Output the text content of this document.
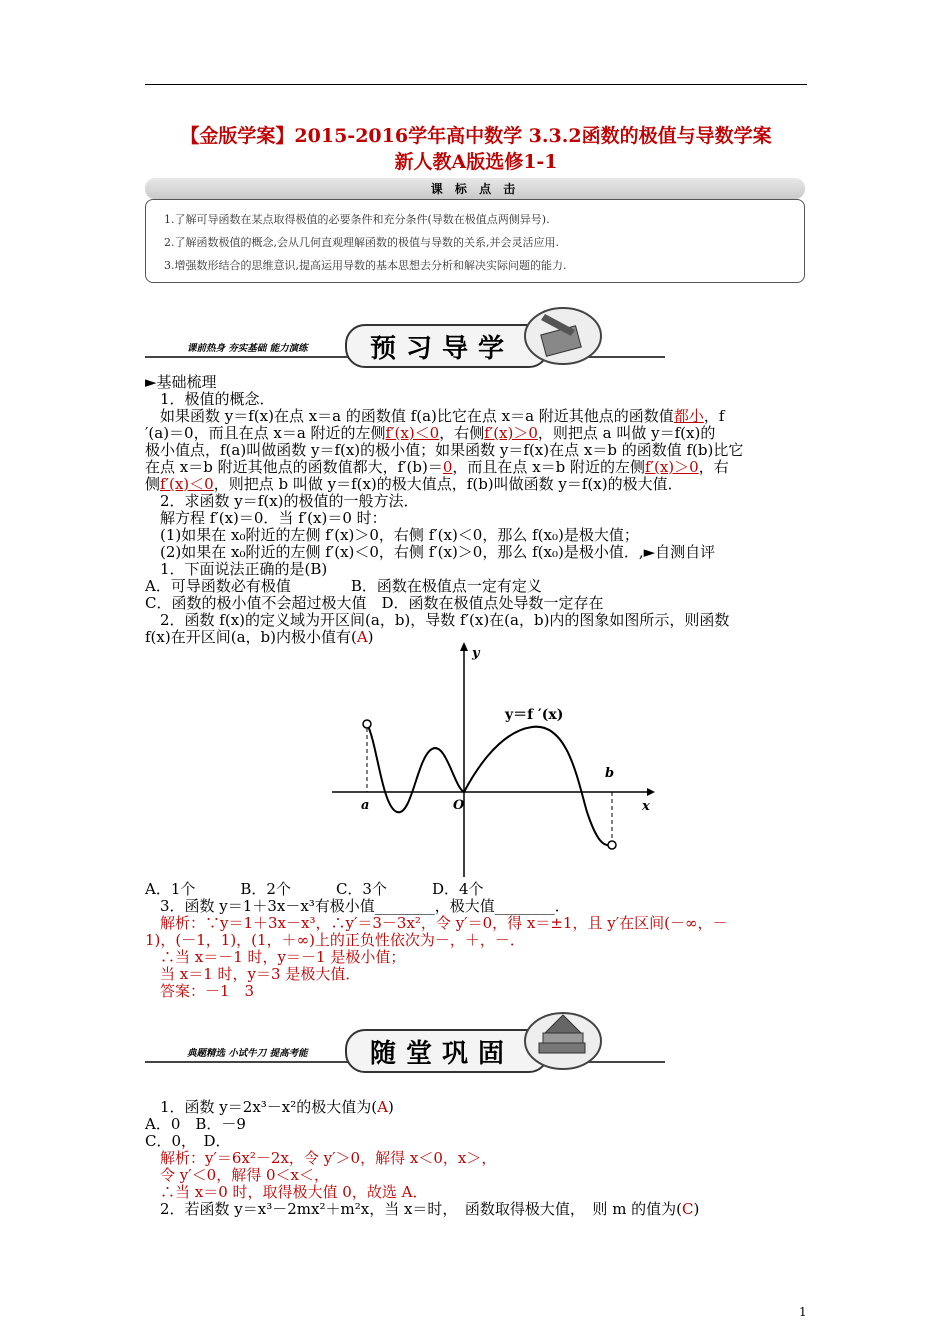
【金版学案】2015-2016学年高中数学 3.3.2函数的极值与导数学案
新人教A版选修1-1
课 标 点 击
1.了解可导函数在某点取得极值的必要条件和充分条件(导数在极值点两侧异号).
2.了解函数极值的概念,会从几何直观理解函数的极值与导数的关系,并会灵活应用.
3.增强数形结合的思维意识,提高运用导数的基本思想去分析和解决实际问题的能力.
课前热身 夯实基础 能力演练 预习导学
►基础梳理
　1．极值的概念．
　如果函数 y＝f(x)在点 x＝a 的函数值 f(a)比它在点 x＝a 附近其他点的函数值都小，f
′(a)＝0，而且在点 x＝a 附近的左侧f′(x)＜0，右侧f′(x)＞0，则把点 a 叫做 y＝f(x)的
极小值点，f(a)叫做函数 y＝f(x)的极小值；如果函数 y＝f(x)在点 x＝b 的函数值 f(b)比它
在点 x＝b 附近其他点的函数值都大，f′(b)＝0，而且在点 x＝b 附近的左侧f′(x)＞0，右
侧f′(x)＜0，则把点 b 叫做 y＝f(x)的极大值点，f(b)叫做函数 y＝f(x)的极大值．
　2．求函数 y＝f(x)的极值的一般方法．
　解方程 f′(x)＝0．当 f′(x)＝0 时：
　(1)如果在 x₀附近的左侧 f′(x)＞0，右侧 f′(x)＜0，那么 f(x₀)是极大值；
　(2)如果在 x₀附近的左侧 f′(x)＜0，右侧 f′(x)＞0，那么 f(x₀)是极小值．,►自测自评
　1．下面说法正确的是(B)
A．可导函数必有极值　　　　B．函数在极值点一定有定义
C．函数的极小值不会超过极大值　D．函数在极值点处导数一定存在
　2．函数 f(x)的定义域为开区间(a，b)，导数 f′(x)在(a，b)内的图象如图所示，则函数
f(x)在开区间(a，b)内极小值有(A)
y
x
y＝f ′(x)
a	O
b
A．1个　　　B．2个　　　C．3个　　　D．4个
　3．函数 y＝1＋3x－x³有极小值________，极大值________．
　解析：∵y＝1＋3x－x³，∴y′＝3－3x²，令 y′＝0，得 x＝±1，且 y′在区间(－∞，－
1)，(－1，1)，(1，＋∞)上的正负性依次为－，＋，－．
　∴当 x＝－1 时，y＝－1 是极小值；
　当 x＝1 时，y＝3 是极大值．
　答案：－1　3
典题精选 小试牛刀 提高考能 随堂巩固
　1．函数 y＝2x³－x²的极大值为(A)
A．0　B．－9
C．0，　D．
　解析：y′＝6x²－2x，令 y′＞0，解得 x＜0，x＞，
　令 y′＜0，解得 0＜x＜，
　∴当 x＝0 时，取得极大值 0，故选 A．
　2．若函数 y＝x³－2mx²＋m²x，当 x＝时，　函数取得极大值，　则 m 的值为(C)
1
